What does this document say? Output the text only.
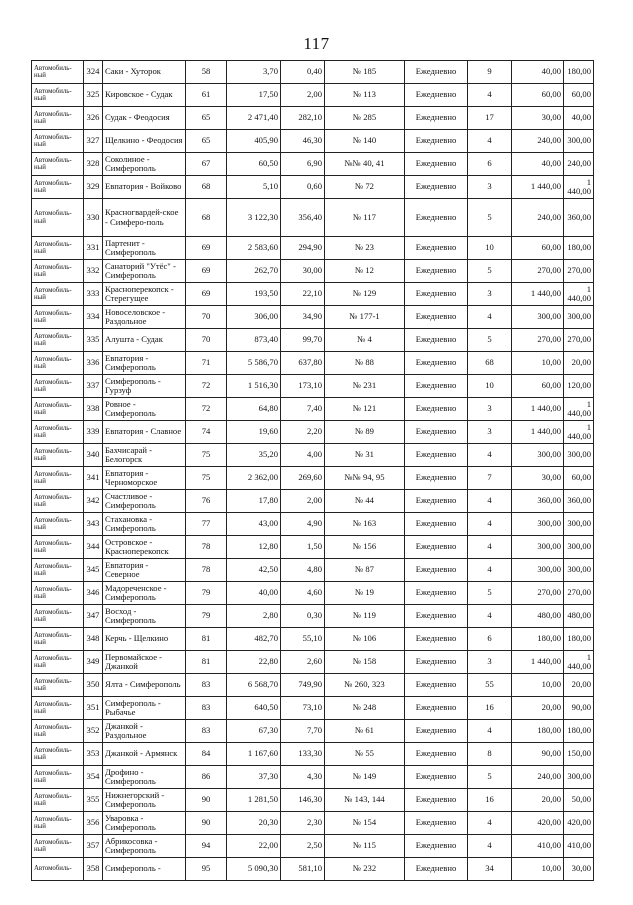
117
Автомобиль-ный	324	Саки - Хуторок	58	3,70	0,40	№ 185	Ежедневно	9	40,00	180,00
Автомобиль-ный	325	Кировское - Судак	61	17,50	2,00	№ 113	Ежедневно	4	60,00	60,00
Автомобиль-ный	326	Судак - Феодосия	65	2 471,40	282,10	№ 285	Ежедневно	17	30,00	40,00
Автомобиль-ный	327	Щелкино - Феодосия	65	405,90	46,30	№ 140	Ежедневно	4	240,00	300,00
Автомобиль-ный	328	Соколиное - Симферополь	67	60,50	6,90	№№ 40, 41	Ежедневно	6	40,00	240,00
Автомобиль-ный	329	Евпатория - Войково	68	5,10	0,60	№ 72	Ежедневно	3	1 440,00	1 440,00
Автомобиль-ный	330	Красногвардей-ское - Симферо-поль	68	3 122,30	356,40	№ 117	Ежедневно	5	240,00	360,00
Автомобиль-ный	331	Партенит - Симферополь	69	2 583,60	294,90	№ 23	Ежедневно	10	60,00	180,00
Автомобиль-ный	332	Санаторий "Утёс" - Симферополь	69	262,70	30,00	№ 12	Ежедневно	5	270,00	270,00
Автомобиль-ный	333	Краснoперекопск - Стерегущее	69	193,50	22,10	№ 129	Ежедневно	3	1 440,00	1 440,00
Автомобиль-ный	334	Новоселовское - Раздольное	70	306,00	34,90	№ 177-1	Ежедневно	4	300,00	300,00
Автомобиль-ный	335	Алушта - Судак	70	873,40	99,70	№ 4	Ежедневно	5	270,00	270,00
Автомобиль-ный	336	Евпатория - Симферополь	71	5 586,70	637,80	№ 88	Ежедневно	68	10,00	20,00
Автомобиль-ный	337	Симферополь - Гурзуф	72	1 516,30	173,10	№ 231	Ежедневно	10	60,00	120,00
Автомобиль-ный	338	Ровное - Симферополь	72	64,80	7,40	№ 121	Ежедневно	3	1 440,00	1 440,00
Автомобиль-ный	339	Евпатория - Славное	74	19,60	2,20	№ 89	Ежедневно	3	1 440,00	1 440,00
Автомобиль-ный	340	Бахчисарай - Белогорск	75	35,20	4,00	№ 31	Ежедневно	4	300,00	300,00
Автомобиль-ный	341	Евпатория - Черноморское	75	2 362,00	269,60	№№ 94, 95	Ежедневно	7	30,00	60,00
Автомобиль-ный	342	Счастливое - Симферополь	76	17,80	2,00	№ 44	Ежедневно	4	360,00	360,00
Автомобиль-ный	343	Стахановка - Симферополь	77	43,00	4,90	№ 163	Ежедневно	4	300,00	300,00
Автомобиль-ный	344	Островское - Красноперекопск	78	12,80	1,50	№ 156	Ежедневно	4	300,00	300,00
Автомобиль-ный	345	Евпатория - Северное	78	42,50	4,80	№ 87	Ежедневно	4	300,00	300,00
Автомобиль-ный	346	Мадореченское - Симферополь	79	40,00	4,60	№ 19	Ежедневно	5	270,00	270,00
Автомобиль-ный	347	Восход - Симферополь	79	2,80	0,30	№ 119	Ежедневно	4	480,00	480,00
Автомобиль-ный	348	Керчь - Щелкино	81	482,70	55,10	№ 106	Ежедневно	6	180,00	180,00
Автомобиль-ный	349	Первомайское - Джанкой	81	22,80	2,60	№ 158	Ежедневно	3	1 440,00	1 440,00
Автомобиль-ный	350	Ялта - Симферополь	83	6 568,70	749,90	№ 260, 323	Ежедневно	55	10,00	20,00
Автомобиль-ный	351	Симферополь - Рыбачье	83	640,50	73,10	№ 248	Ежедневно	16	20,00	90,00
Автомобиль-ный	352	Джанкой - Раздольное	83	67,30	7,70	№ 61	Ежедневно	4	180,00	180,00
Автомобиль-ный	353	Джанкой - Армянск	84	1 167,60	133,30	№ 55	Ежедневно	8	90,00	150,00
Автомобиль-ный	354	Дрофино - Симферополь	86	37,30	4,30	№ 149	Ежедневно	5	240,00	300,00
Автомобиль-ный	355	Нижнегорский - Симферополь	90	1 281,50	146,30	№ 143, 144	Ежедневно	16	20,00	50,00
Автомобиль-ный	356	Уваровка - Симферополь	90	20,30	2,30	№ 154	Ежедневно	4	420,00	420,00
Автомобиль-ный	357	Абрикосовка - Симферополь	94	22,00	2,50	№ 115	Ежедневно	4	410,00	410,00
Автомобиль-	358	Симферополь -	95	5 090,30	581,10	№ 232	Ежедневно	34	10,00	30,00
